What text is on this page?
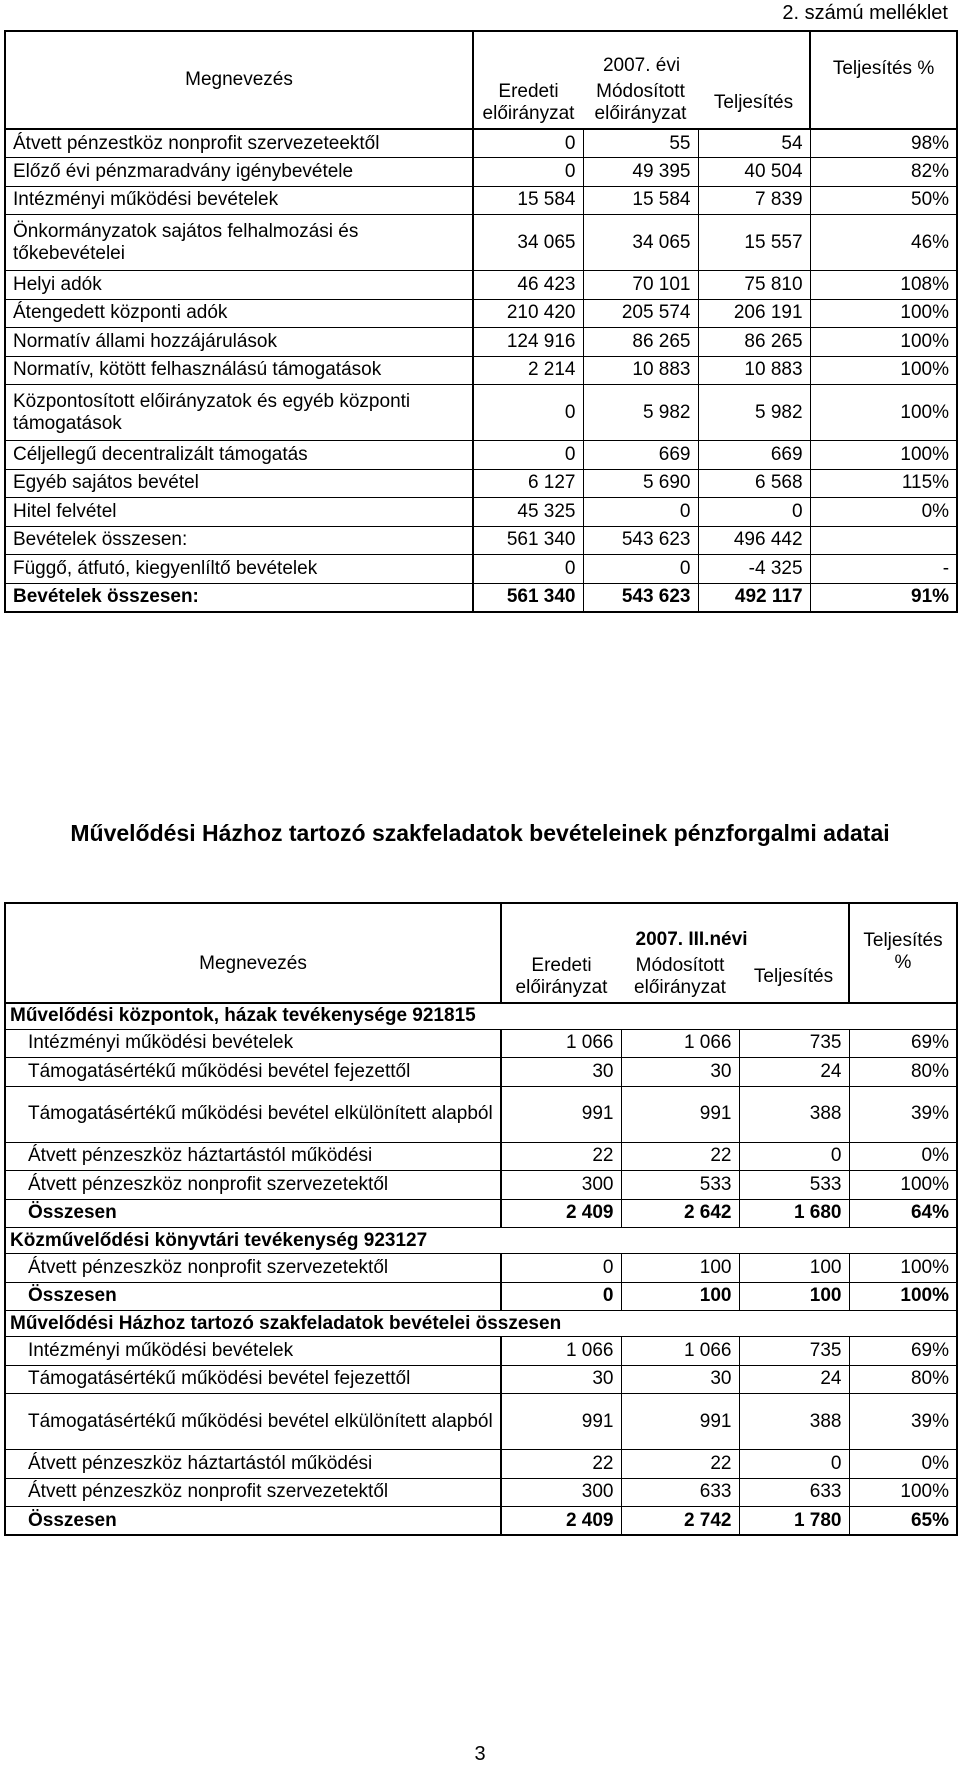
2. számú melléklet
Megnevezés	2007. évi			Teljesítés %
	Eredeti előirányzat	Módosított előirányzat	Teljesítés	
Átvett pénzestköz nonprofit szervezeteektől	0	55	54	98%
Előző évi pénzmaradvány igénybevétele	0	49 395	40 504	82%
Intézményi működési bevételek	15 584	15 584	7 839	50%
Önkormányzatok sajátos felhalmozási és tőkebevételei	34 065	34 065	15 557	46%
Helyi adók	46 423	70 101	75 810	108%
Átengedett központi adók	210 420	205 574	206 191	100%
Normatív állami hozzájárulások	124 916	86 265	86 265	100%
Normatív, kötött felhasználású támogatások	2 214	10 883	10 883	100%
Központosított előirányzatok és egyéb központi támogatások	0	5 982	5 982	100%
Céljellegű decentralizált támogatás	0	669	669	100%
Egyéb sajátos bevétel	6 127	5 690	6 568	115%
Hitel felvétel	45 325	0	0	0%
Bevételek összesen:	561 340	543 623	496 442	
Függő, átfutó, kiegyenlíltő bevételek	0	0	-4 325	-
Bevételek összesen:	561 340	543 623	492 117	91%
Művelődési Házhoz tartozó szakfeladatok bevételeinek pénzforgalmi adatai
Megnevezés	2007. III.névi			Teljesítés %
	Eredeti előirányzat	Módosított előirányzat	Teljesítés	
Művelődési központok, házak tevékenysége 921815				
Intézményi működési bevételek	1 066	1 066	735	69%
Támogatásértékű működési bevétel fejezettől	30	30	24	80%
Támogatásértékű működési bevétel elkülönített alapból	991	991	388	39%
Átvett pénzeszköz háztartástól működési	22	22	0	0%
Átvett pénzeszköz nonprofit szervezetektől	300	533	533	100%
Összesen	2 409	2 642	1 680	64%
Közművelődési könyvtári tevékenység 923127				
Átvett pénzeszköz nonprofit szervezetektől	0	100	100	100%
Összesen	0	100	100	100%
Művelődési Házhoz tartozó szakfeladatok bevételei összesen				
Intézményi működési bevételek	1 066	1 066	735	69%
Támogatásértékű működési bevétel fejezettől	30	30	24	80%
Támogatásértékű működési bevétel elkülönített alapból	991	991	388	39%
Átvett pénzeszköz háztartástól működési	22	22	0	0%
Átvett pénzeszköz nonprofit szervezetektől	300	633	633	100%
Összesen	2 409	2 742	1 780	65%
3
